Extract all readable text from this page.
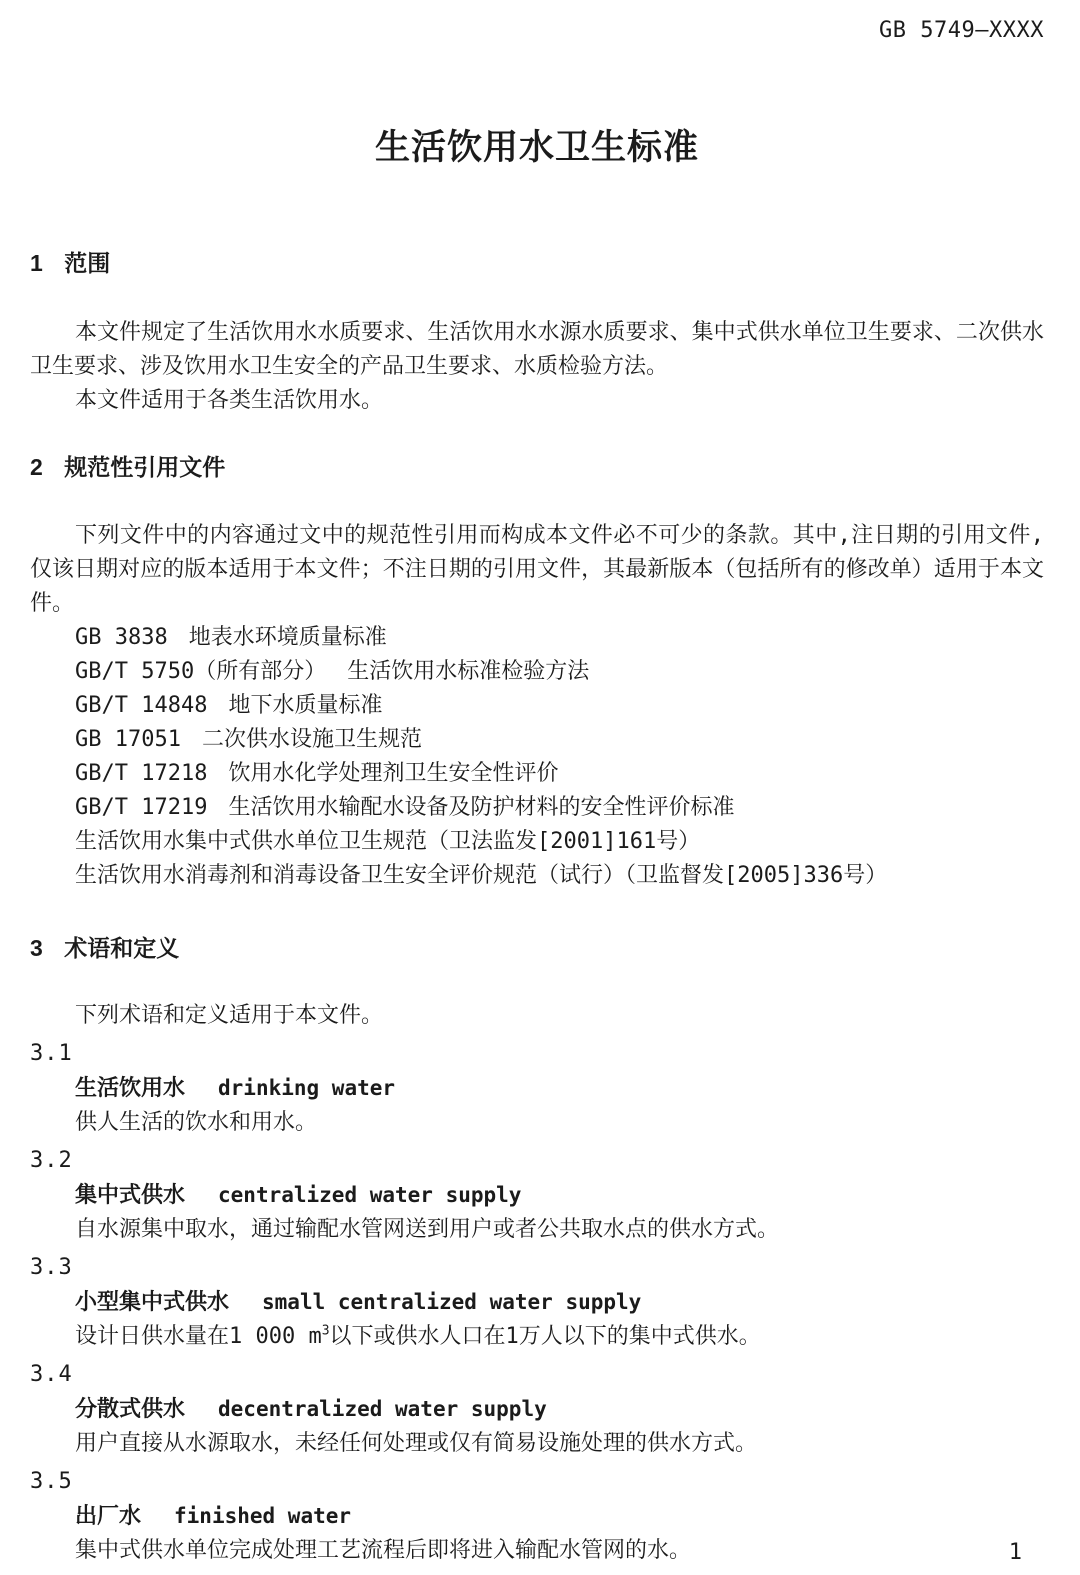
GB 5749—XXXX
生活饮用水卫生标准
1 范围

本文件规定了生活饮用水水质要求、生活饮用水水源水质要求、集中式供水单位卫生要求、二次供水卫生要求、涉及饮用水卫生安全的产品卫生要求、水质检验方法。

本文件适用于各类生活饮用水。

2 规范性引用文件

下列文件中的内容通过文中的规范性引用而构成本文件必不可少的条款。其中,注日期的引用文件,仅该日期对应的版本适用于本文件；不注日期的引用文件，其最新版本（包括所有的修改单）适用于本文件。

GB 3838 地表水环境质量标准
GB/T 5750（所有部分） 生活饮用水标准检验方法
GB/T 14848 地下水质量标准
GB 17051 二次供水设施卫生规范
GB/T 17218 饮用水化学处理剂卫生安全性评价
GB/T 17219 生活饮用水输配水设备及防护材料的安全性评价标准
生活饮用水集中式供水单位卫生规范（卫法监发[2001]161号）
生活饮用水消毒剂和消毒设备卫生安全评价规范（试行）（卫监督发[2005]336号）
3 术语和定义

下列术语和定义适用于本文件。

3.1
生活饮用水 drinking water
供人生活的饮水和用水。
3.2
集中式供水 centralized water supply
自水源集中取水，通过输配水管网送到用户或者公共取水点的供水方式。
3.3
小型集中式供水 small centralized water supply
设计日供水量在1 000 $m^3$以下或供水人口在1万人以下的集中式供水。
3.4
分散式供水 decentralized water supply
用户直接从水源取水，未经任何处理或仅有简易设施处理的供水方式。
3.5
出厂水 finished water
集中式供水单位完成处理工艺流程后即将进入输配水管网的水。	1
